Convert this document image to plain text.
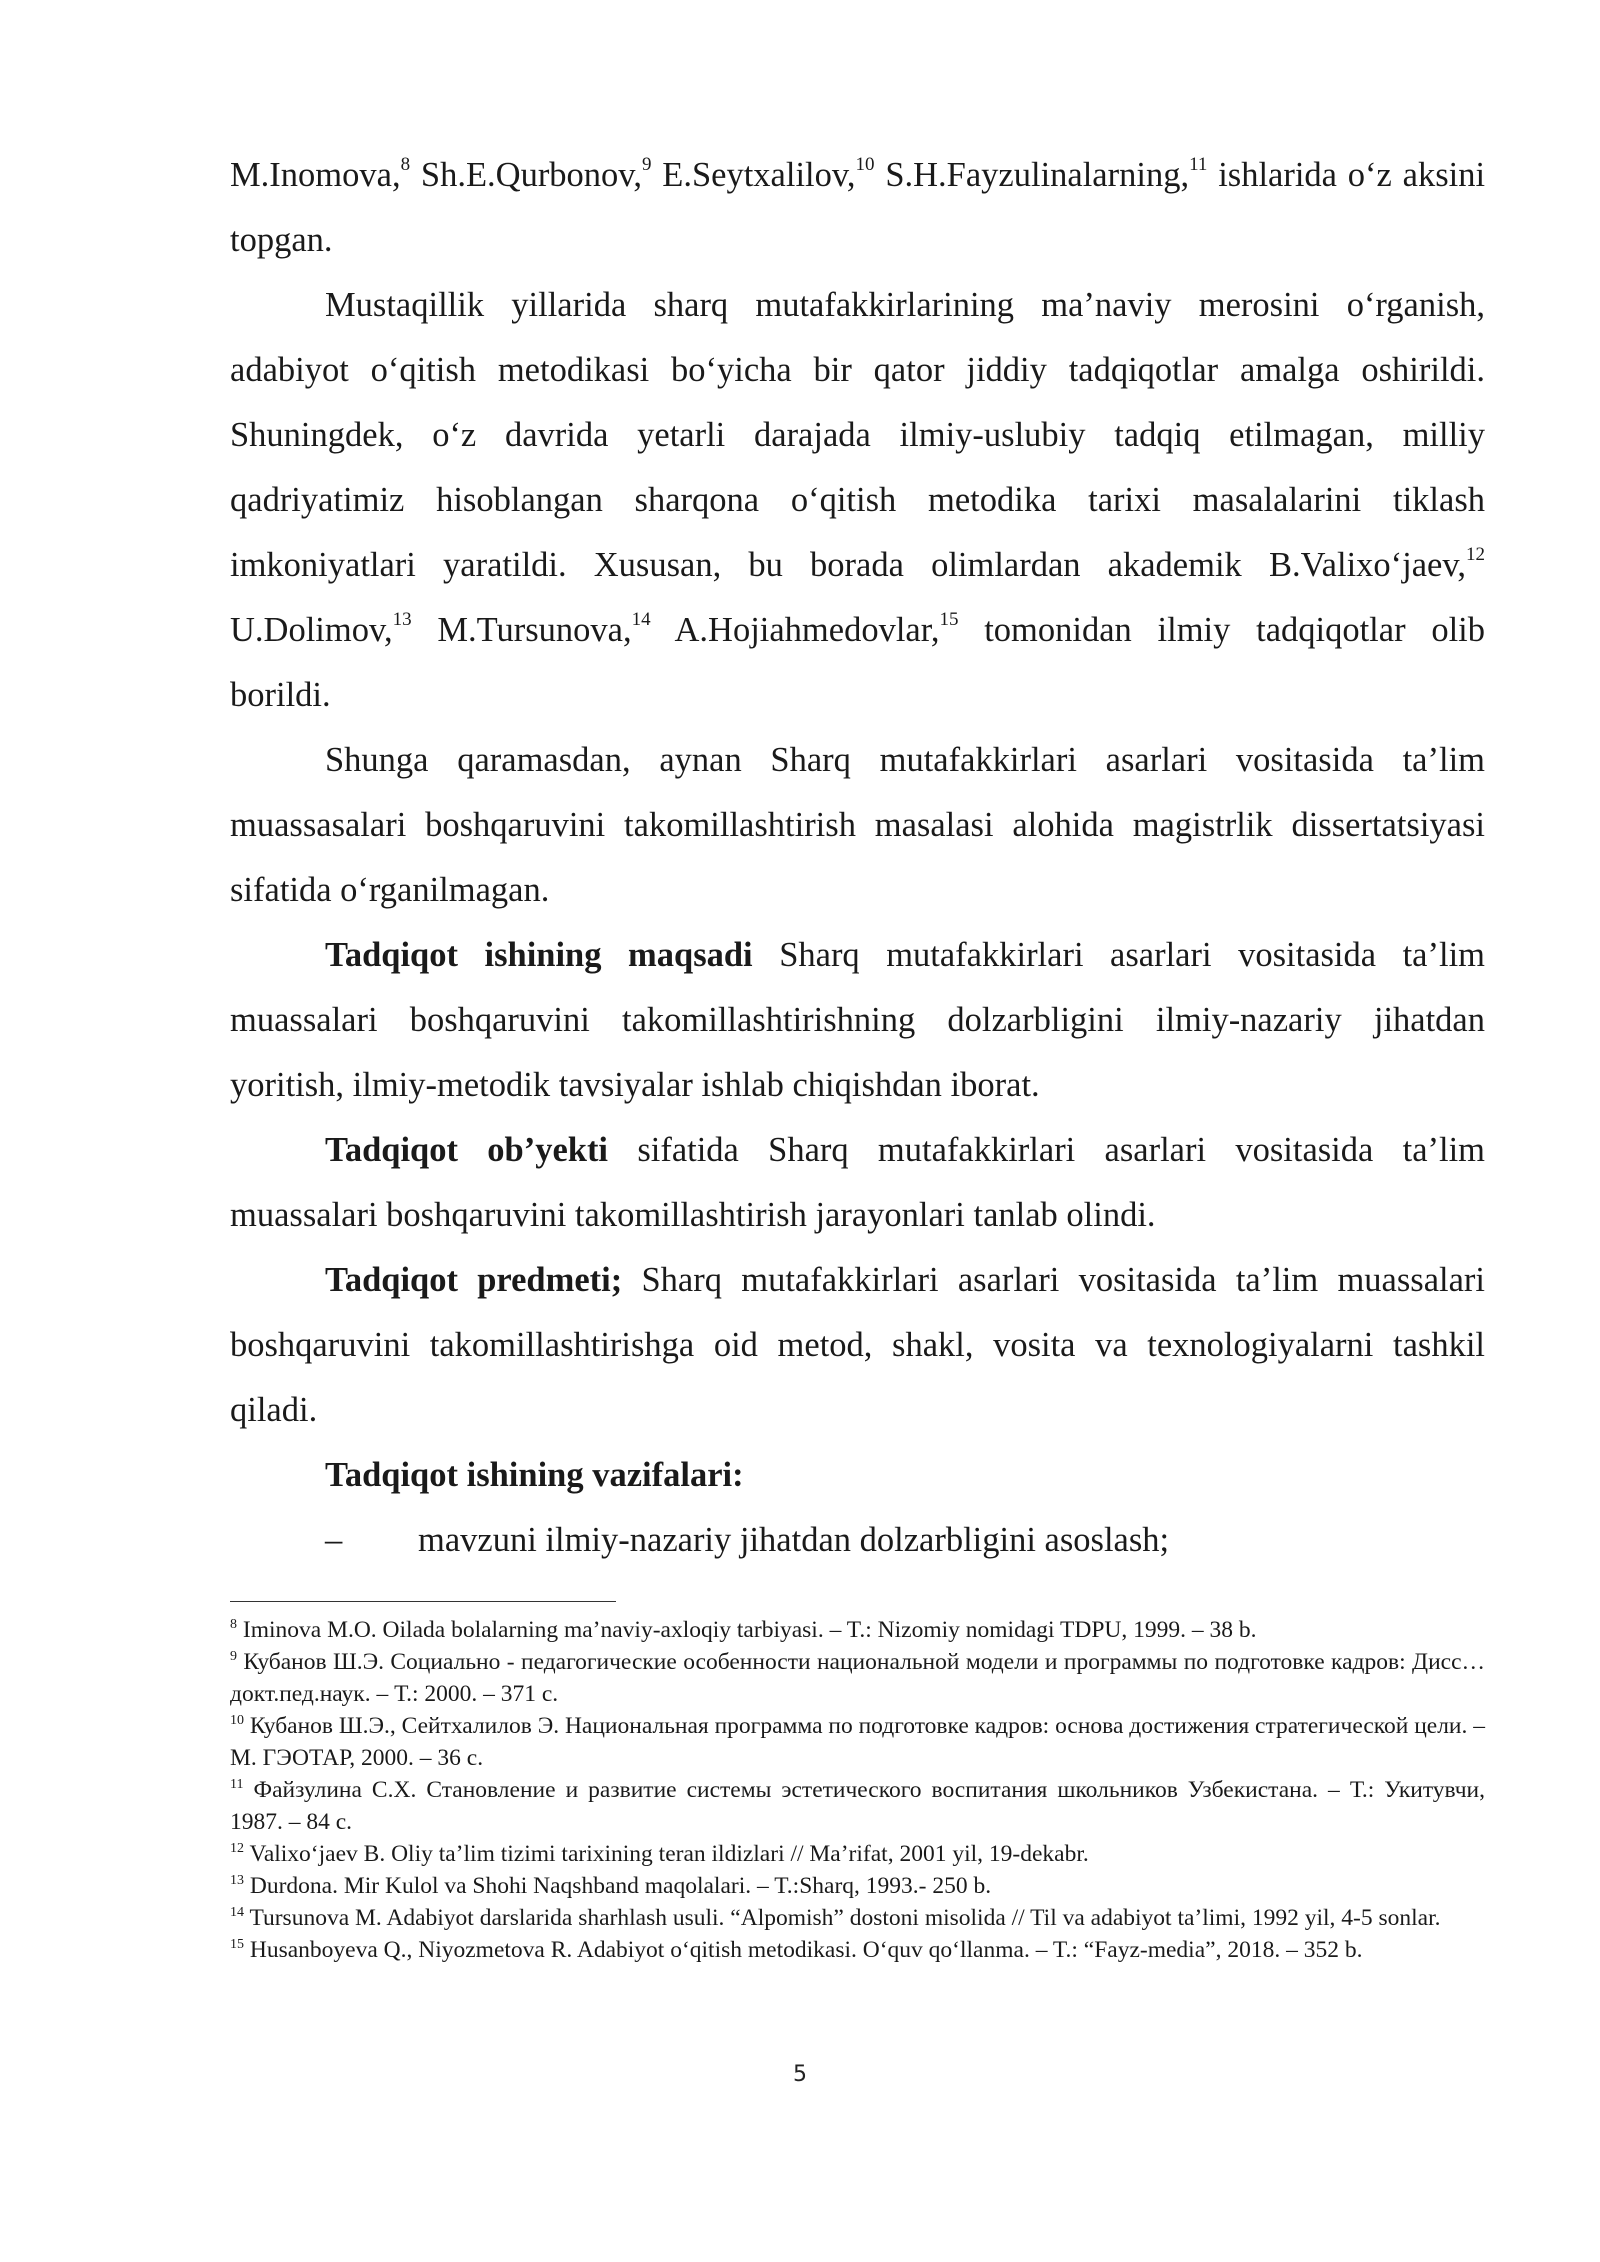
M.Inomova,$^8$ Sh.E.Qurbonov,$^9$ E.Seytxalilov,$^{10}$ S.H.Fayzulinalarning,$^{11}$ ishlarida o‘z aksini topgan.

Mustaqillik yillarida sharq mutafakkirlarining ma’naviy merosini o‘rganish, adabiyot o‘qitish metodikasi bo‘yicha bir qator jiddiy tadqiqotlar amalga oshirildi. Shuningdek, o‘z davrida yetarli darajada ilmiy-uslubiy tadqiq etilmagan, milliy qadriyatimiz hisoblangan sharqona o‘qitish metodika tarixi masalalarini tiklash imkoniyatlari yaratildi. Xususan, bu borada olimlardan akademik B.Valixo‘jaev,$^{12}$ U.Dolimov,$^{13}$ M.Tursunova,$^{14}$ A.Hojiahmedovlar,$^{15}$ tomonidan ilmiy tadqiqotlar olib borildi.

Shunga qaramasdan, aynan Sharq mutafakkirlari asarlari vositasida ta’lim muassasalari boshqaruvini takomillashtirish masalasi alohida magistrlik dissertatsiyasi sifatida o‘rganilmagan.

Tadqiqot ishining maqsadi Sharq mutafakkirlari asarlari vositasida ta’lim muassalari boshqaruvini takomillashtirishning dolzarbligini ilmiy-nazariy jihatdan yoritish, ilmiy-metodik tavsiyalar ishlab chiqishdan iborat.

Tadqiqot ob’yekti sifatida Sharq mutafakkirlari asarlari vositasida ta’lim muassalari boshqaruvini takomillashtirish jarayonlari tanlab olindi.

Tadqiqot predmeti; Sharq mutafakkirlari asarlari vositasida ta’lim muassalari boshqaruvini takomillashtirishga oid metod, shakl, vosita va texnologiyalarni tashkil qiladi.

Tadqiqot ishining vazifalari:

– mavzuni ilmiy-nazariy jihatdan dolzarbligini asoslash;

$^8$ Iminova M.O. Oilada bolalarning ma’naviy-axloqiy tarbiyasi. – T.: Nizomiy nomidagi TDPU, 1999. – 38 b.

$^9$ Кубанов Ш.Э. Социально - педагогические особенности национальной модели и программы по подготовке кадров: Дисс… докт.пед.наук. – Т.: 2000. – 371 с.

$^{10}$ Кубанов Ш.Э., Сейтхалилов Э. Национальная программа по подготовке кадров: основа достижения стратегической цели. – М. ГЭОТАР, 2000. – 36 с.

$^{11}$ Файзулина С.Х. Становление и развитие системы эстетического воспитания школьников Узбекистана. – Т.: Укитувчи, 1987. – 84 с.

$^{12}$ Valixo‘jaev B. Oliy ta’lim tizimi tarixining teran ildizlari // Ma’rifat, 2001 yil, 19-dekabr.

$^{13}$ Durdona. Mir Kulol va Shohi Naqshband maqolalari. – T.:Sharq, 1993.- 250 b.

$^{14}$ Tursunova M. Adabiyot darslarida sharhlash usuli. “Alpomish” dostoni misolida // Til va adabiyot ta’limi, 1992 yil, 4-5 sonlar.

$^{15}$ Husanboyeva Q., Niyozmetova R. Adabiyot o‘qitish metodikasi. O‘quv qo‘llanma. – T.: “Fayz-media”, 2018. – 352 b.

5
